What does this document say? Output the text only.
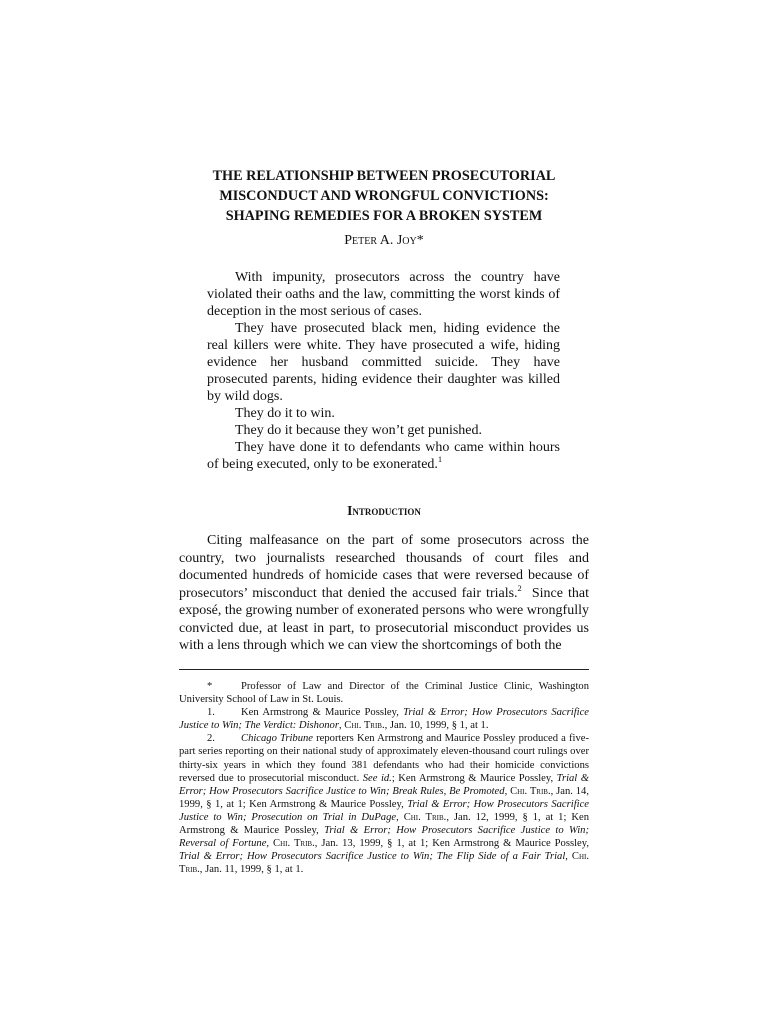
THE RELATIONSHIP BETWEEN PROSECUTORIAL
MISCONDUCT AND WRONGFUL CONVICTIONS:
SHAPING REMEDIES FOR A BROKEN SYSTEM

Peter A. Joy*

With impunity, prosecutors across the country have violated their oaths and the law, committing the worst kinds of deception in the most serious of cases.

They have prosecuted black men, hiding evidence the real killers were white. They have prosecuted a wife, hiding evidence her husband committed suicide. They have prosecuted parents, hiding evidence their daughter was killed by wild dogs.

They do it to win.

They do it because they won’t get punished.

They have done it to defendants who came within hours of being executed, only to be exonerated.$^1$

Introduction

Citing malfeasance on the part of some prosecutors across the country, two journalists researched thousands of court files and documented hundreds of homicide cases that were reversed because of prosecutors’ misconduct that denied the accused fair trials.$^2$  Since that exposé, the growing number of exonerated persons who were wrongfully convicted due, at least in part, to prosecutorial misconduct provides us with a lens through which we can view the shortcomings of both the

*	Professor of Law and Director of the Criminal Justice Clinic, Washington University School of Law in St. Louis.

1. Ken Armstrong & Maurice Possley, Trial & Error; How Prosecutors Sacrifice Justice to Win; The Verdict: Dishonor, Chi. Trib., Jan. 10, 1999, § 1, at 1.

2. Chicago Tribune reporters Ken Armstrong and Maurice Possley produced a five-part series reporting on their national study of approximately eleven-thousand court rulings over thirty-six years in which they found 381 defendants who had their homicide convictions reversed due to prosecutorial misconduct. See id.; Ken Armstrong & Maurice Possley, Trial & Error; How Prosecutors Sacrifice Justice to Win; Break Rules, Be Promoted, Chi. Trib., Jan. 14, 1999, § 1, at 1; Ken Armstrong & Maurice Possley, Trial & Error; How Prosecutors Sacrifice Justice to Win; Prosecution on Trial in DuPage, Chi. Trib., Jan. 12, 1999, § 1, at 1; Ken Armstrong & Maurice Possley, Trial & Error; How Prosecutors Sacrifice Justice to Win; Reversal of Fortune, Chi. Trib., Jan. 13, 1999, § 1, at 1; Ken Armstrong & Maurice Possley, Trial & Error; How Prosecutors Sacrifice Justice to Win; The Flip Side of a Fair Trial, Chi. Trib., Jan. 11, 1999, § 1, at 1.
